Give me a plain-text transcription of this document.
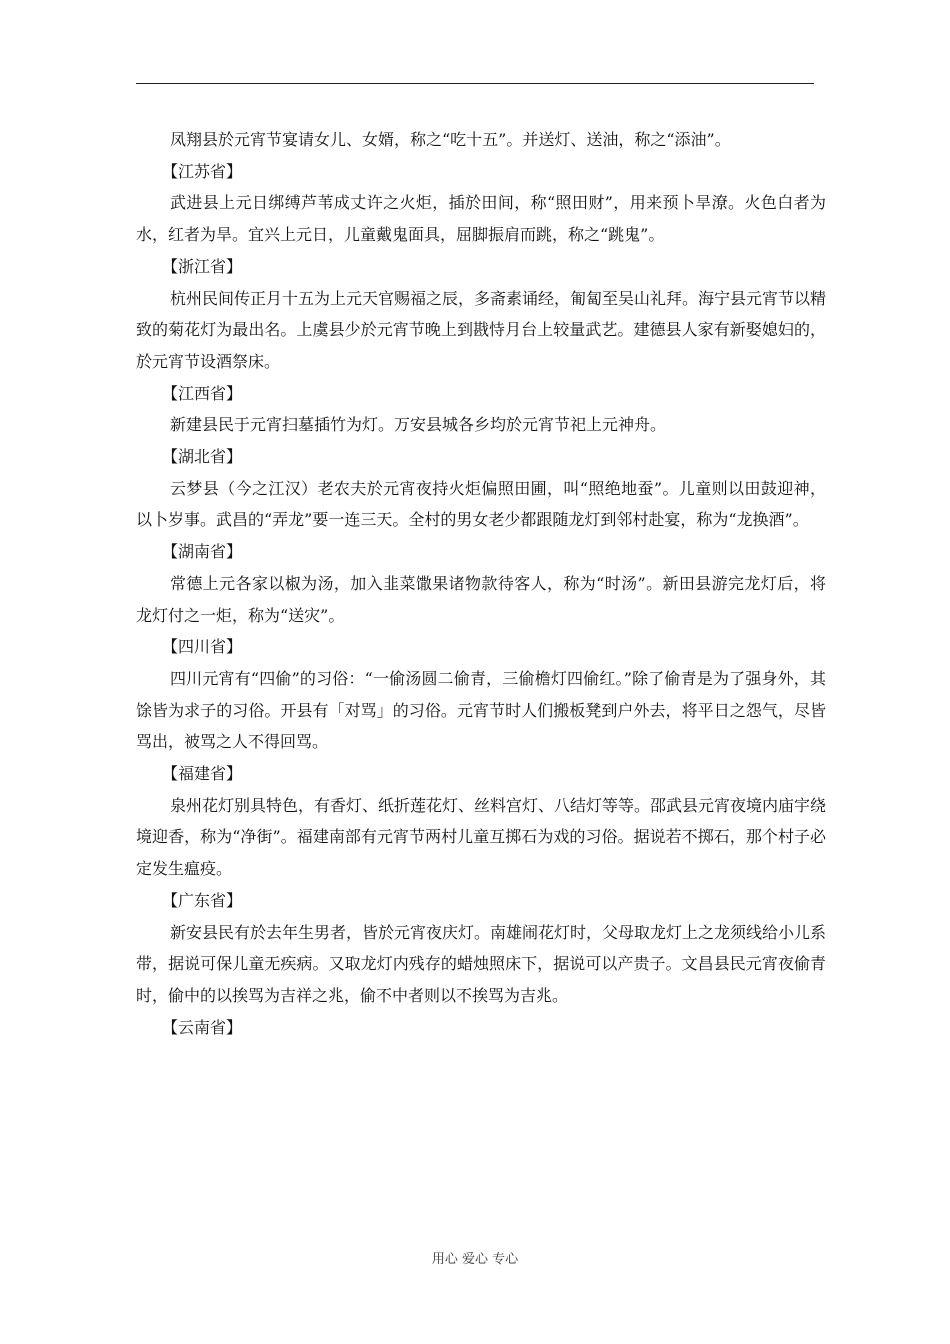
凤翔县於元宵节宴请女儿、女婿，称之“吃十五”。并送灯、送油，称之“添油”。

【江苏省】

武进县上元日绑缚芦苇成丈许之火炬，插於田间，称“照田财”，用来预卜旱潦。火色白者为水，红者为旱。宜兴上元日，儿童戴鬼面具，屈脚振肩而跳，称之“跳鬼”。

【浙江省】

杭州民间传正月十五为上元天官赐福之辰，多斋素诵经，匍匐至吴山礼拜。海宁县元宵节以精致的菊花灯为最出名。上虞县少於元宵节晚上到戡恃月台上较量武艺。建德县人家有新娶媳妇的，於元宵节设酒祭床。

【江西省】

新建县民于元宵扫墓插竹为灯。万安县城各乡均於元宵节祀上元神舟。

【湖北省】

云梦县（今之江汉）老农夫於元宵夜持火炬偏照田圃，叫“照绝地蚕”。儿童则以田鼓迎神，以卜岁事。武昌的“弄龙”要一连三天。全村的男女老少都跟随龙灯到邻村赴宴，称为“龙换酒”。

【湖南省】

常德上元各家以椒为汤，加入韭菜馓果诸物款待客人，称为“时汤”。新田县游完龙灯后，将龙灯付之一炬，称为“送灾”。

【四川省】

四川元宵有“四偷”的习俗：“一偷汤圆二偷青，三偷檐灯四偷红。”除了偷青是为了强身外，其馀皆为求子的习俗。开县有「对骂」的习俗。元宵节时人们搬板凳到户外去，将平日之怨气，尽皆骂出，被骂之人不得回骂。

【福建省】

泉州花灯别具特色，有香灯、纸折莲花灯、丝料宫灯、八结灯等等。邵武县元宵夜境内庙宇绕境迎香，称为“净街”。福建南部有元宵节两村儿童互掷石为戏的习俗。据说若不掷石，那个村子必定发生瘟疫。

【广东省】

新安县民有於去年生男者，皆於元宵夜庆灯。南雄闹花灯时，父母取龙灯上之龙须线给小儿系带，据说可保儿童无疾病。又取龙灯内残存的蜡烛照床下，据说可以产贵子。文昌县民元宵夜偷青时，偷中的以挨骂为吉祥之兆，偷不中者则以不挨骂为吉兆。

【云南省】

用心 爱心 专心
